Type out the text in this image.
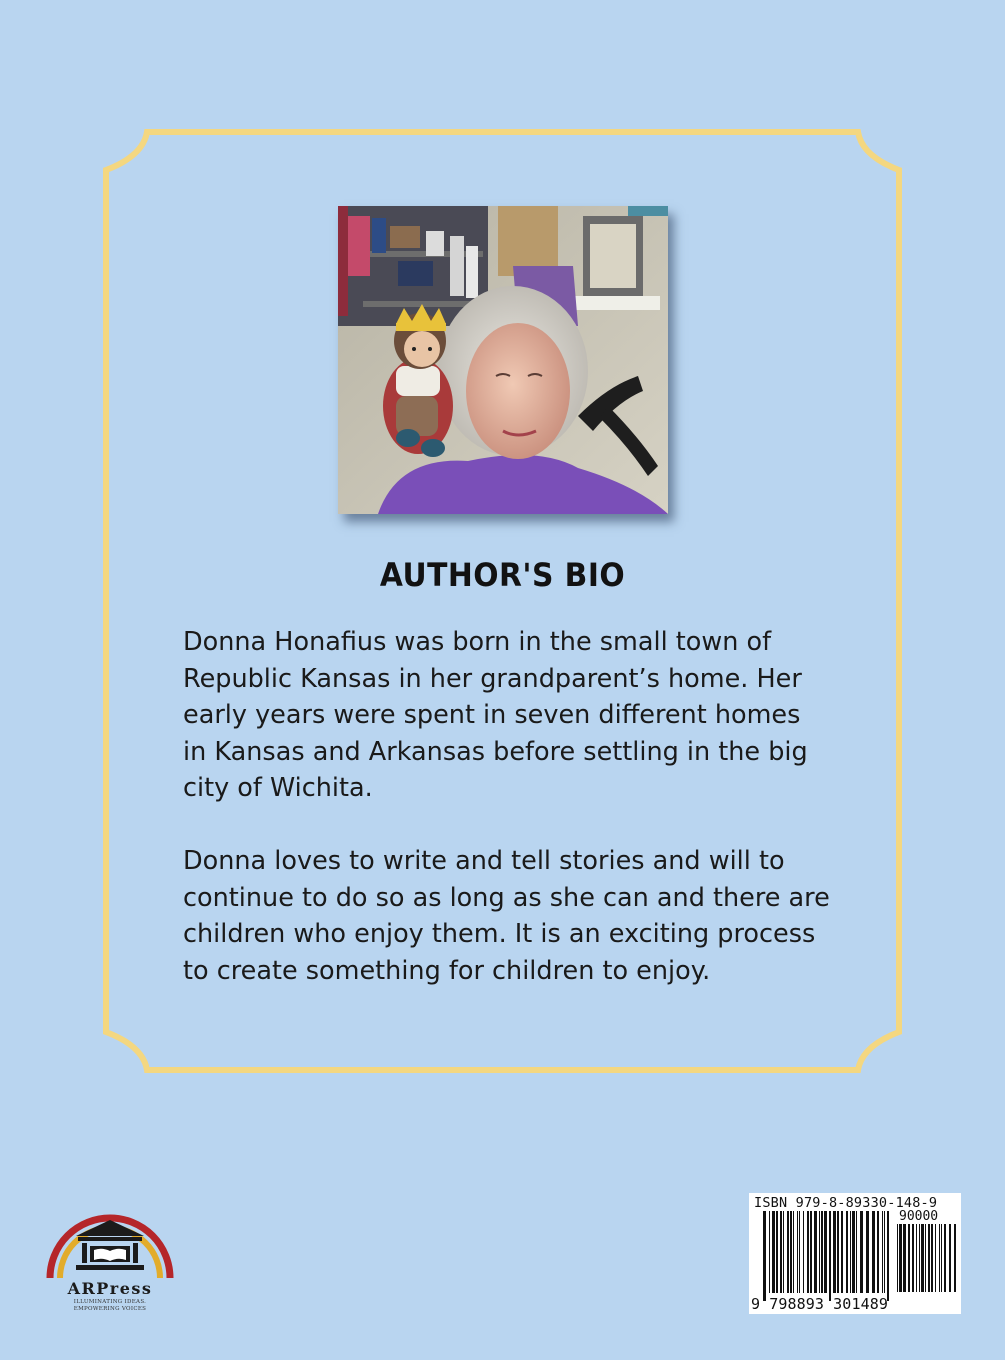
AUTHOR'S BIO

Donna Honafius was born in the small town of
Republic Kansas in her grandparent’s home. Her
early years were spent in seven different homes
in Kansas and Arkansas before settling in the big
city of Wichita.

Donna loves to write and tell stories and will to
continue to do so as long as she can and there are
children who enjoy them. It is an exciting process
to create something for children to enjoy.

ARPress
ILLUMINATING IDEAS.
EMPOWERING VOICES
ISBN 979-8-89330-148-9
90000
9 798893 301489
